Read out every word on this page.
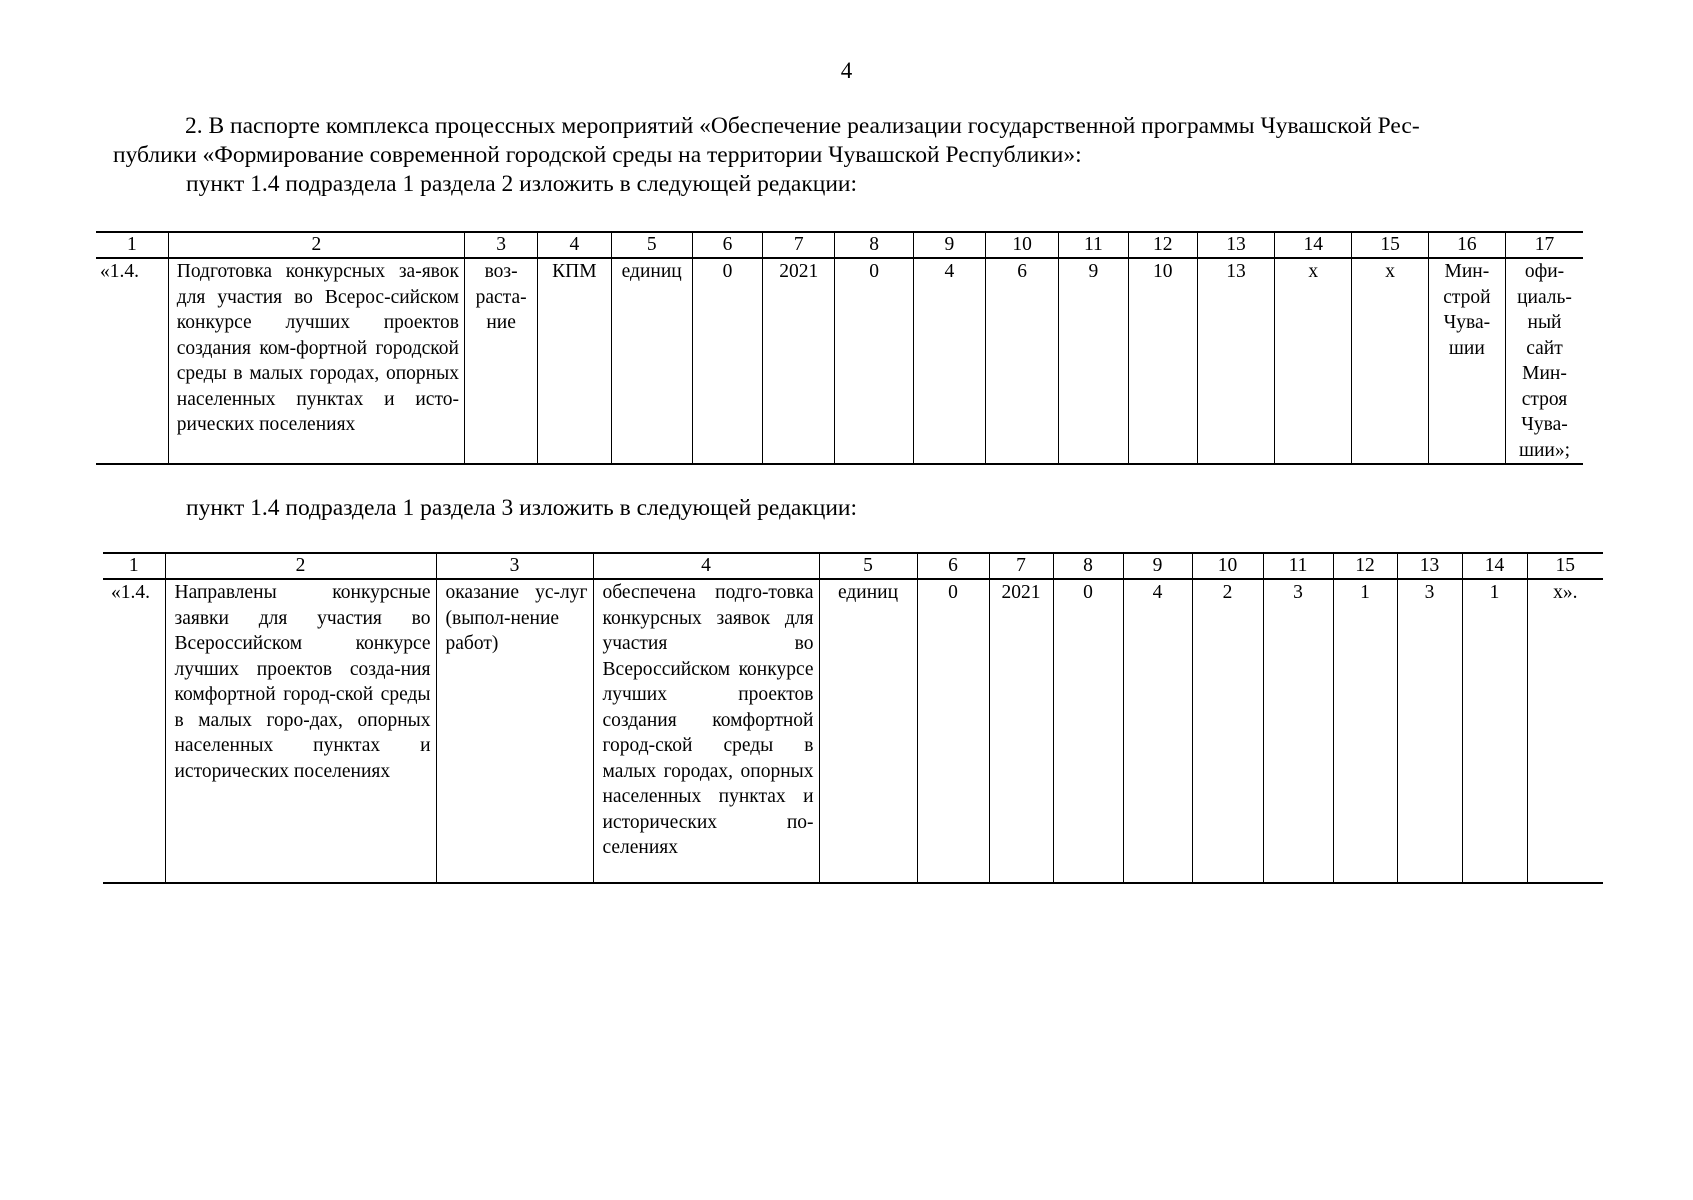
4

2. В паспорте комплекса процессных мероприятий «Обеспечение реализации государственной программы Чувашской Рес-

публики «Формирование современной городской среды на территории Чувашской Республики»:

пункт 1.4 подраздела 1 раздела 2 изложить в следующей редакции:
1	2	3	4	5	6	7	8	9	10	11	12	13	14	15	16	17
«1.4.	Подготовка конкурсных за-явок для участия во Всерос-сийском конкурсе лучших проектов создания ком-фортной городской среды в малых городах, опорных населенных пунктах и исто-рических поселениях	воз-раста-ние	КПМ	единиц	0	2021	0	4	6	9	10	13	х	х	Мин-строй Чува-шии	офи-циаль-ный сайт Мин-строя Чува-шии»;
пункт 1.4 подраздела 1 раздела 3 изложить в следующей редакции:
1	2	3	4	5	6	7	8	9	10	11	12	13	14	15
«1.4.	Направлены конкурсные заявки для участия во Всероссийском конкурсе лучших проектов созда-ния комфортной город-ской среды в малых горо-дах, опорных населенных пунктах и исторических поселениях	оказание ус-луг (выпол-нение работ)	обеспечена подго-товка конкурсных заявок для участия во Всероссийском конкурсе лучших проектов создания комфортной город-ской среды в малых городах, опорных населенных пунктах и исторических по-селениях	единиц	0	2021	0	4	2	3	1	3	1	х».
